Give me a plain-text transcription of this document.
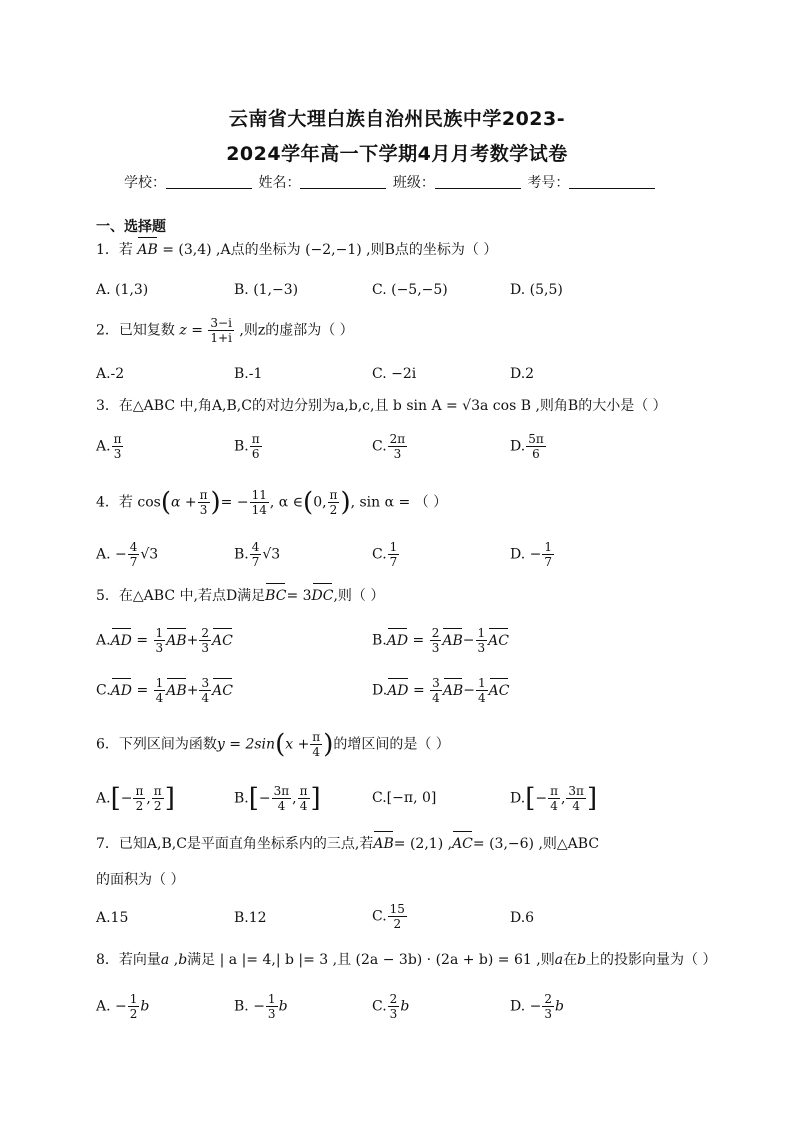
云南省大理白族自治州民族中学2023-
2024学年高一下学期4月月考数学试卷
学校：	姓名：	班级：	考号：
一、选择题
1．若 AB = (3,4) ,A点的坐标为 (−2,−1) ,则B点的坐标为（ ）
A. (1,3)	B. (1,−3)	C. (−5,−5)	D. (5,5)
2．已知复数 $z = \frac{3-i}{1+i}$ ,则z的虚部为（ ）
A.-2	B.-1	C. −2i	D.2
3．在△ABC 中,角A,B,C的对边分别为a,b,c,且 b sin A = √3a cos B ,则角B的大小是（ ）
A. $\frac{\pi}{3}$	B. $\frac{\pi}{6}$	C. $\frac{2\pi}{3}$	D. $\frac{5\pi}{6}$
4．若 $\cos(\alpha + \frac{\pi}{3}$ )= − $\frac{11}{14}$ , α ∈(0, $\frac{\pi}{2}$ ), sin α = （ ）
A. − $\frac{4}{7} √3$	B. $\frac{4}{7} √3$	C. $\frac{1}{7}$	D. − $\frac{1}{7}$
5．在△ABC 中,若点D满足BC= 3DC,则（ ）
$A.AD = \frac{1}{3} AB+ \frac{2}{3}$ AC	$B.AD = \frac{2}{3} AB- \frac{1}{3}$ AC
$C.AD = \frac{1}{4} AB+ \frac{3}{4}$ AC	$D.AD = \frac{3}{4} AB- \frac{1}{4}$ AC
6．下列区间为函数$y = 2\sin(x + \frac{\pi}{4}$ )的增区间的是（ ）
$A.[- \frac{\pi}{2}$ , $\frac{\pi}{2}$ ]	$B.[- \frac{3\pi}{4}$ , $\frac{\pi}{4}$ ]	C.[−π, 0]	$D.[- \frac{\pi}{4}$ , $\frac{3\pi}{4}$ ]
7．已知A,B,C是平面直角坐标系内的三点,若AB= (2,1) ,AC= (3,−6) ,则△ABC
的面积为（ ）
A.15	B.12	C. $\frac{15}{2}$	D.6
8．若向量a ,b满足 | a |= 4,| b |= 3 ,且 (2a − 3b) · (2a + b) = 61 ,则a在b上的投影向量为（ ）
A. − $\frac{1}{2}$ b	B. − $\frac{1}{3}$ b	C. $\frac{2}{3}$ b	D. − $\frac{2}{3}$ b
